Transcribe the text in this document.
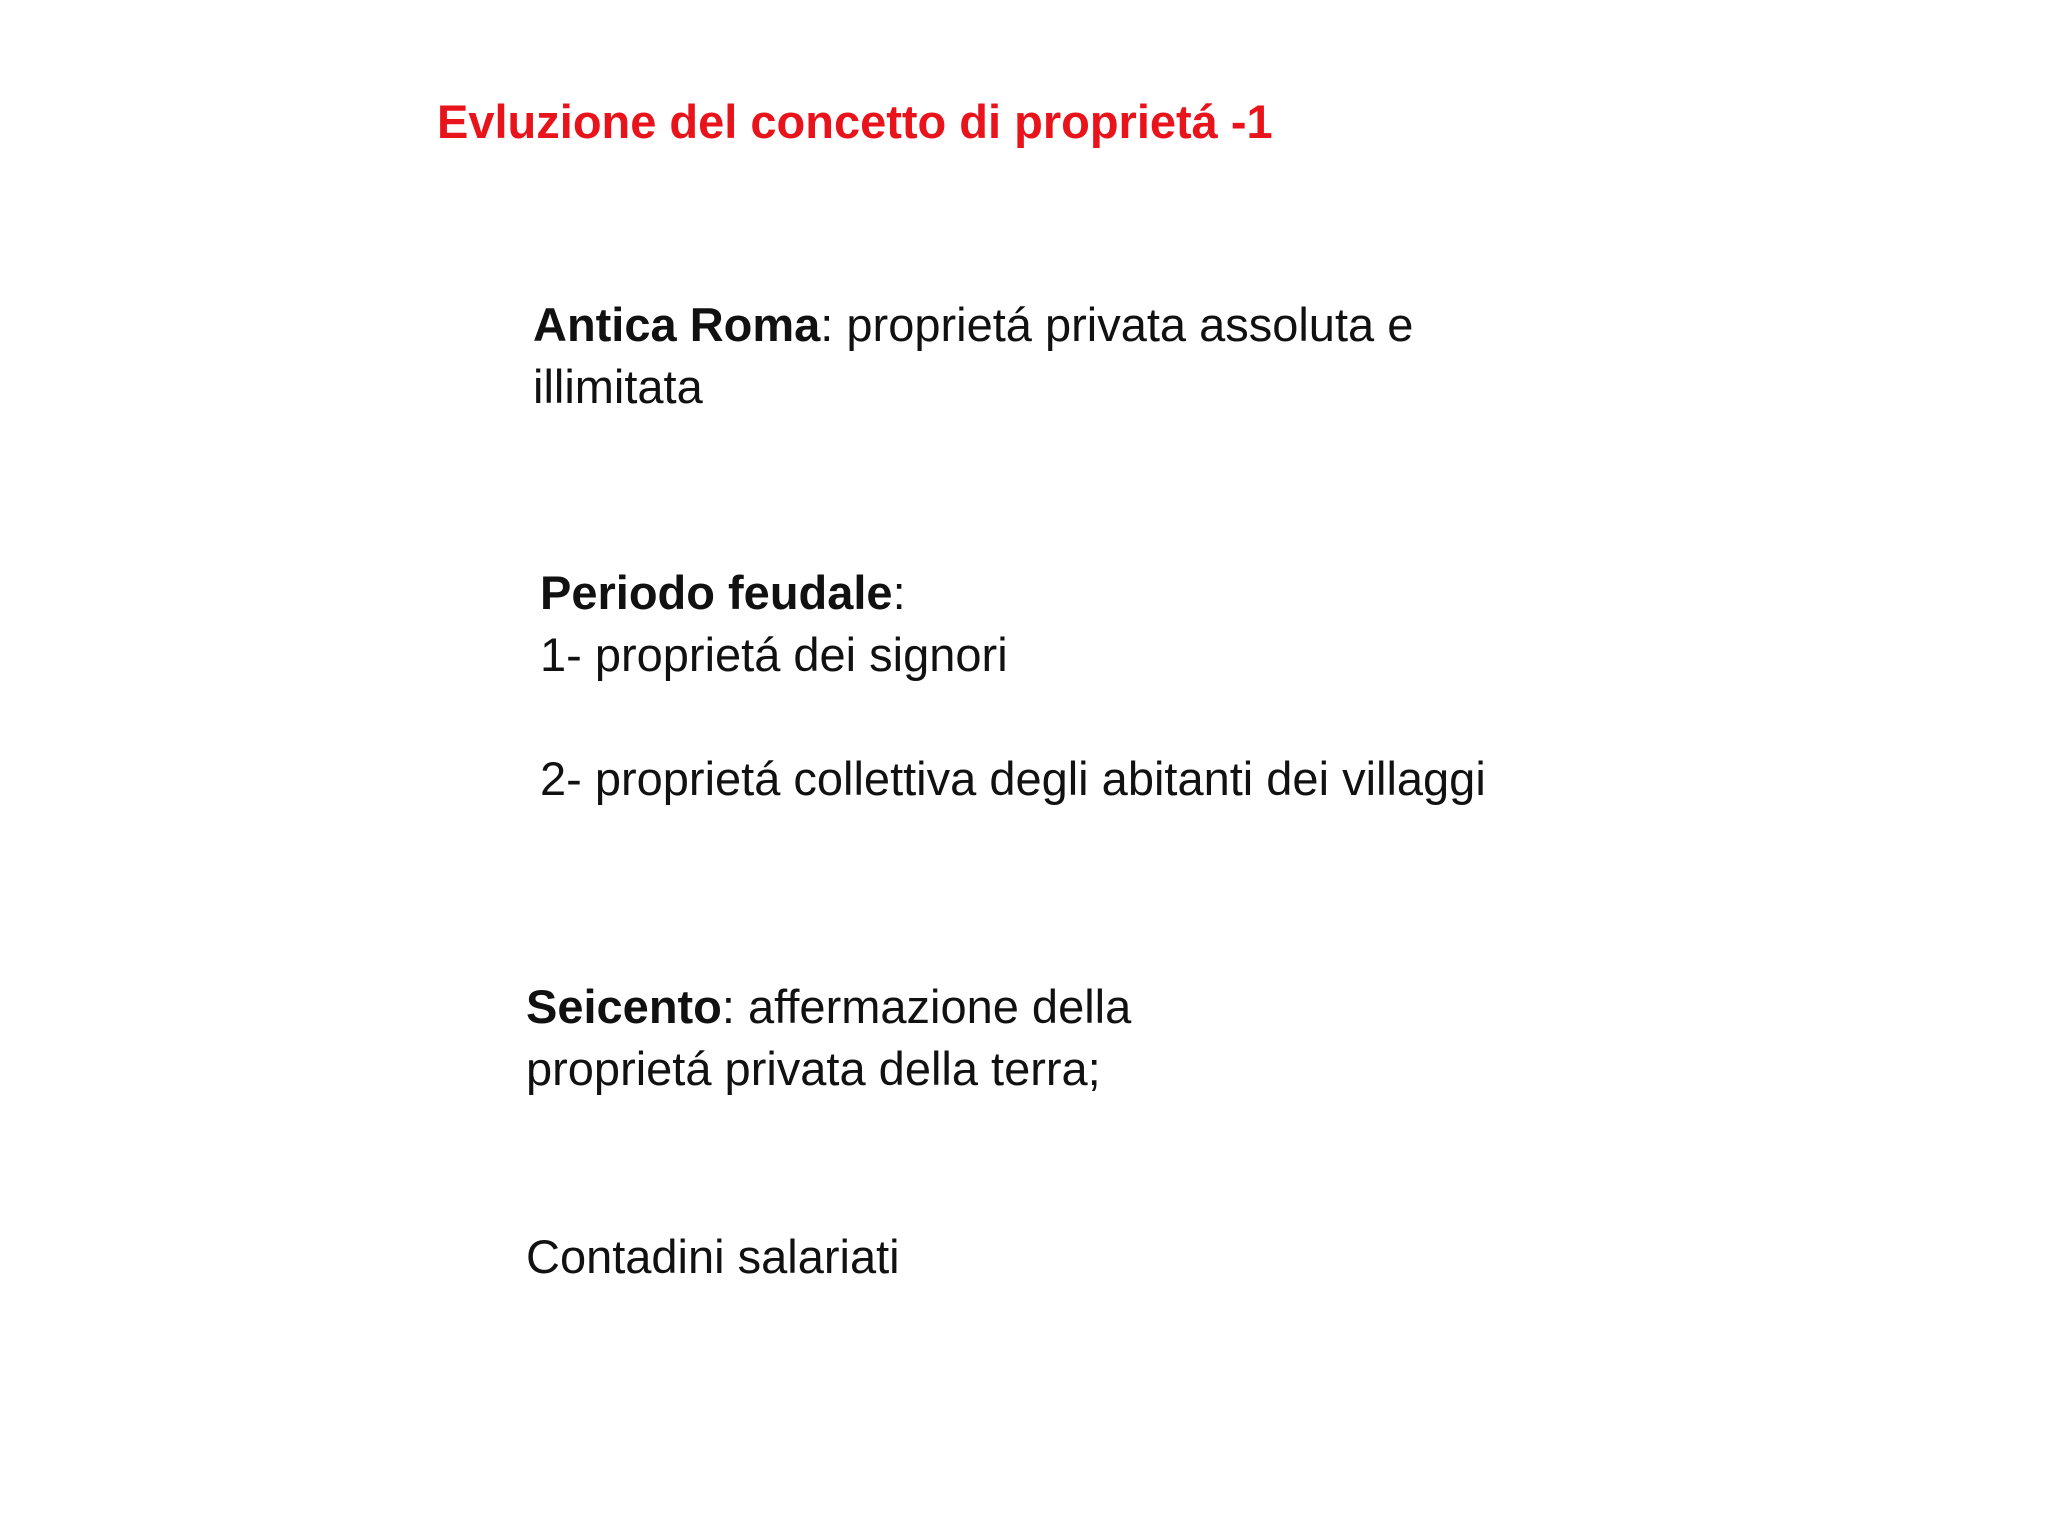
Evluzione del concetto di proprietá -1
Antica Roma: proprietá privata assoluta e
illimitata
Periodo feudale:
1- proprietá dei signori
2- proprietá collettiva degli abitanti dei villaggi
Seicento: affermazione della
proprietá privata della terra;
Contadini salariati
